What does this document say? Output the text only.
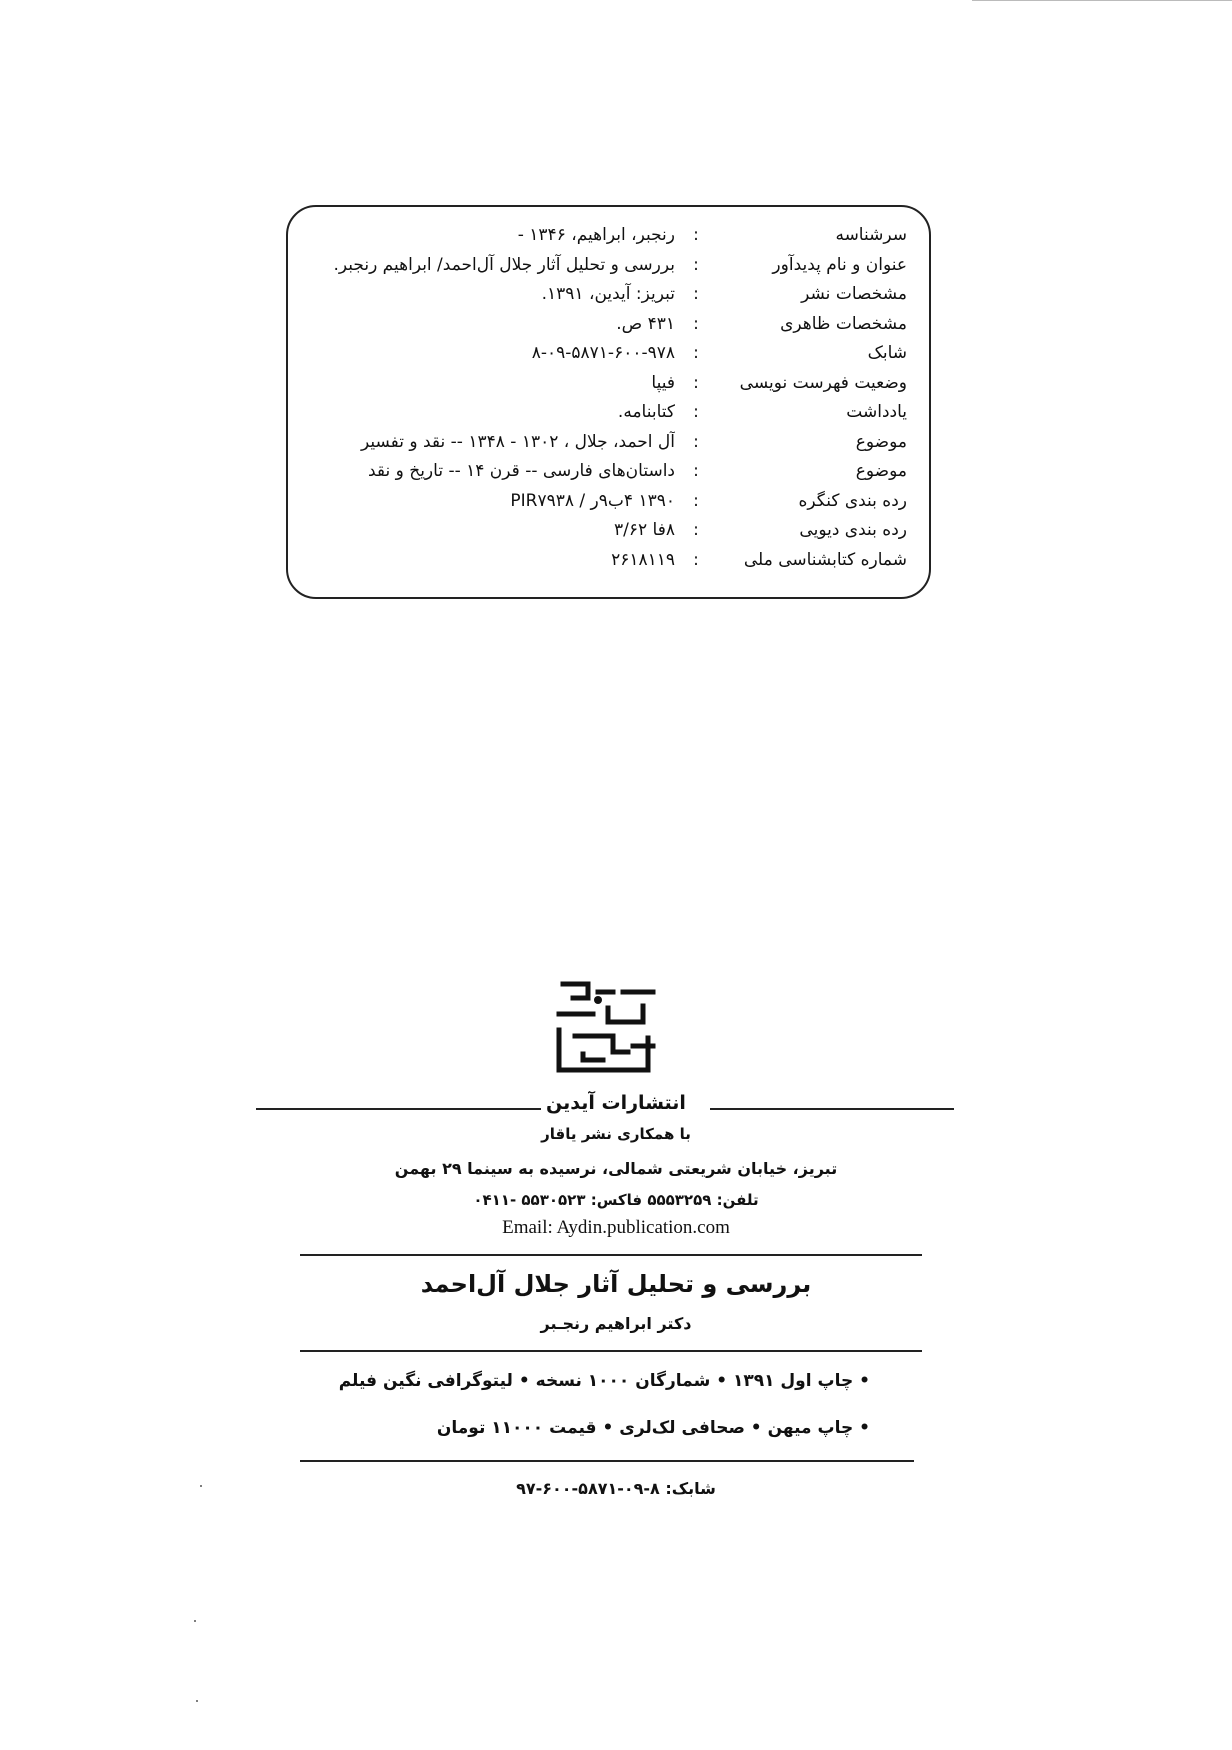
سرشناسه
:
رنجبر، ابراهیم، ۱۳۴۶ -
عنوان و نام پدیدآور
:
بررسی و تحلیل آثار جلال آل‌احمد/ ابراهیم رنجبر.
مشخصات نشر
:
تبریز: آیدین، ۱۳۹۱.
مشخصات ظاهری
:
۴۳۱ ص.
شابک
:
۸-۰۹-۵۸۷۱-۶۰۰-۹۷۸
وضعیت فهرست نویسی
:
فیپا
یادداشت
:
کتابنامه.
موضوع
:
آل احمد، جلال ، ۱۳۰۲ - ۱۳۴۸ -- نقد و تفسیر
موضوع
:
داستان‌های فارسی -- قرن ۱۴ -- تاریخ و نقد
رده بندی کنگره
:
۱۳۹۰ ۴ب۹ر / PIR۷۹۳۸
رده بندی دیویی
:
۸فا ۳/۶۲
شماره کتابشناسی ملی
:
۲۶۱۸۱۱۹
انتشارات آیدین
با همکاری نشر یاقار
تبریز، خیابان شریعتی شمالی، نرسیده به سینما ۲۹ بهمن
تلفن: ۵۵۵۳۲۵۹ فاکس: ۵۵۳۰۵۲۳ -۰۴۱۱
Email: Aydin.publication.com
بررسی و تحلیل آثار جلال آل‌احمد
دکتر ابراهیم رنجـبر
• چاپ اول ۱۳۹۱ • شمارگان ۱۰۰۰ نسخه • لیتوگرافی نگین فیلم
• چاپ میهن • صحافی لک‌لری • قیمت ۱۱۰۰۰ تومان
شابک: ۸-۰۹-۵۸۷۱-۶۰۰-۹۷
